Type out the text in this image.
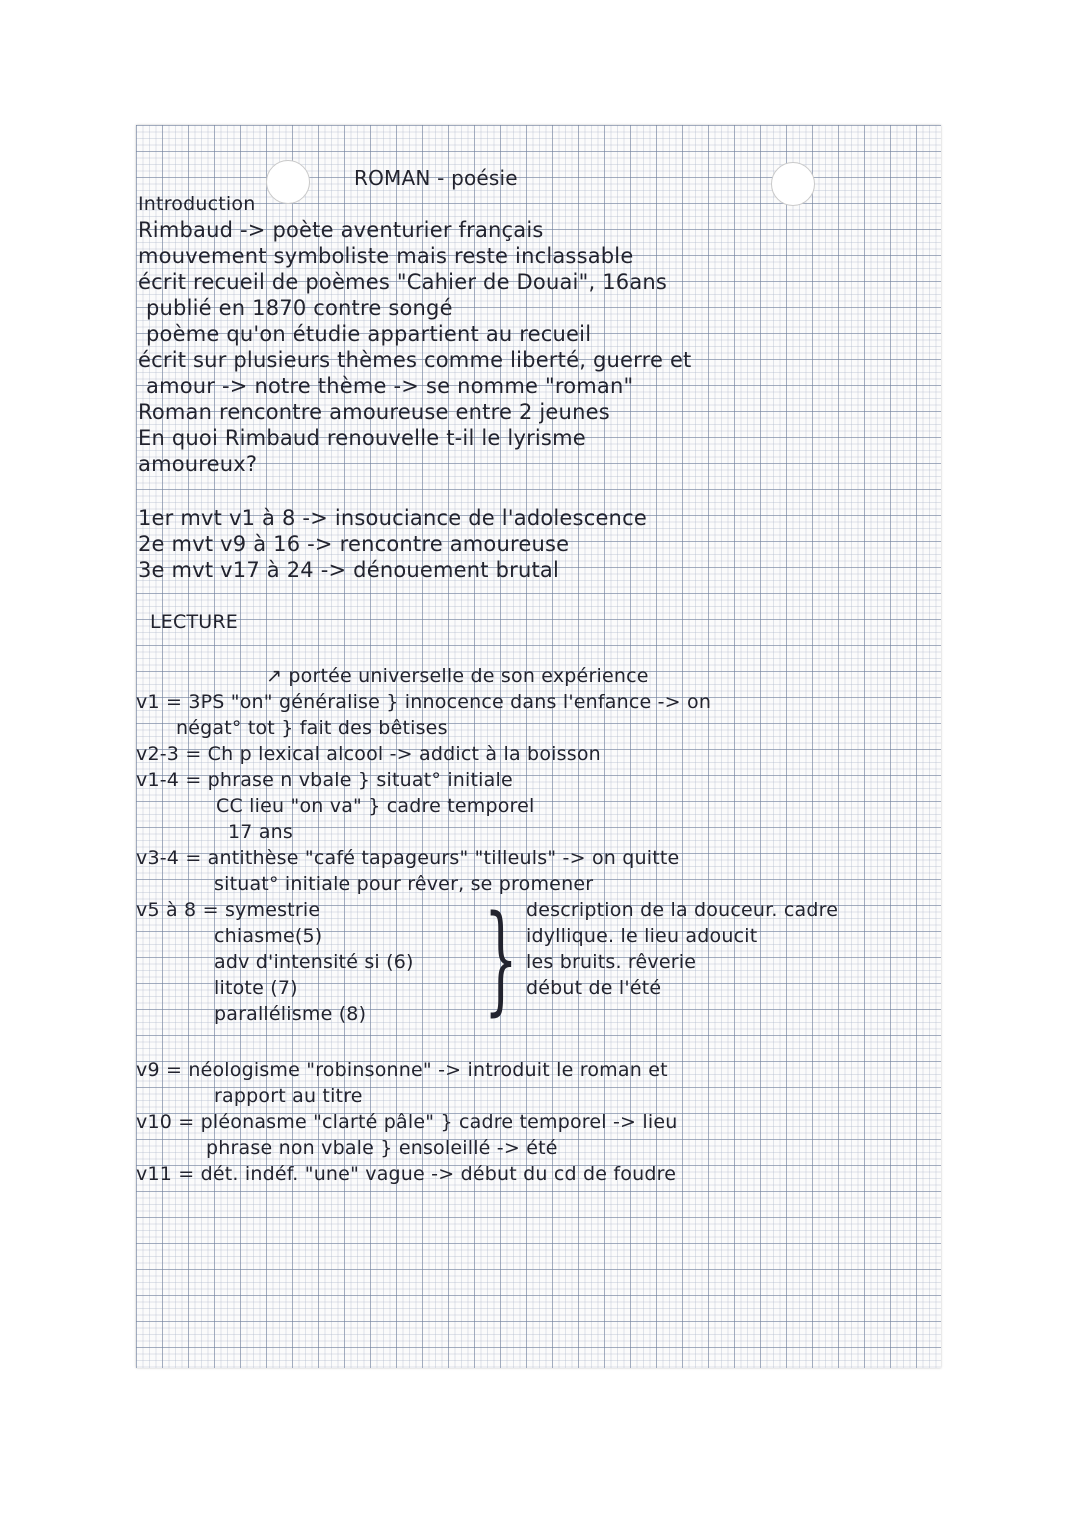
ROMAN - poésie
Introduction
Rimbaud -> poète aventurier français
mouvement symboliste mais reste inclassable
écrit recueil de poèmes "Cahier de Douai", 16ans
publié en 1870 contre songé
poème qu'on étudie appartient au recueil
écrit sur plusieurs thèmes comme liberté, guerre et
amour -> notre thème -> se nomme "roman"
Roman rencontre amoureuse entre 2 jeunes
En quoi Rimbaud renouvelle t-il le lyrisme
amoureux?
1er mvt v1 à 8 -> insouciance de l'adolescence
2e mvt v9 à 16 -> rencontre amoureuse
3e mvt v17 à 24 -> dénouement brutal
LECTURE
↗ portée universelle de son expérience
v1 = 3PS "on" généralise } innocence dans l'enfance -> on
négat° tot } fait des bêtises
v2-3 = Ch p lexical alcool -> addict à la boisson
v1-4 = phrase n vbale } situat° initiale
CC lieu "on va" } cadre temporel
17 ans
v3-4 = antithèse "café tapageurs" "tilleuls" -> on quitte
situat° initiale pour rêver, se promener
v5 à 8 = symestrie
chiasme(5)
adv d'intensité si (6)
litote (7)
parallélisme (8) } description de la douceur. cadre
idyllique. le lieu adoucit
les bruits. rêverie
début de l'été
v9 = néologisme "robinsonne" -> introduit le roman et
rapport au titre
v10 = pléonasme "clarté pâle" } cadre temporel -> lieu
phrase non vbale } ensoleillé -> été
v11 = dét. indéf. "une" vague -> début du cd de foudre
